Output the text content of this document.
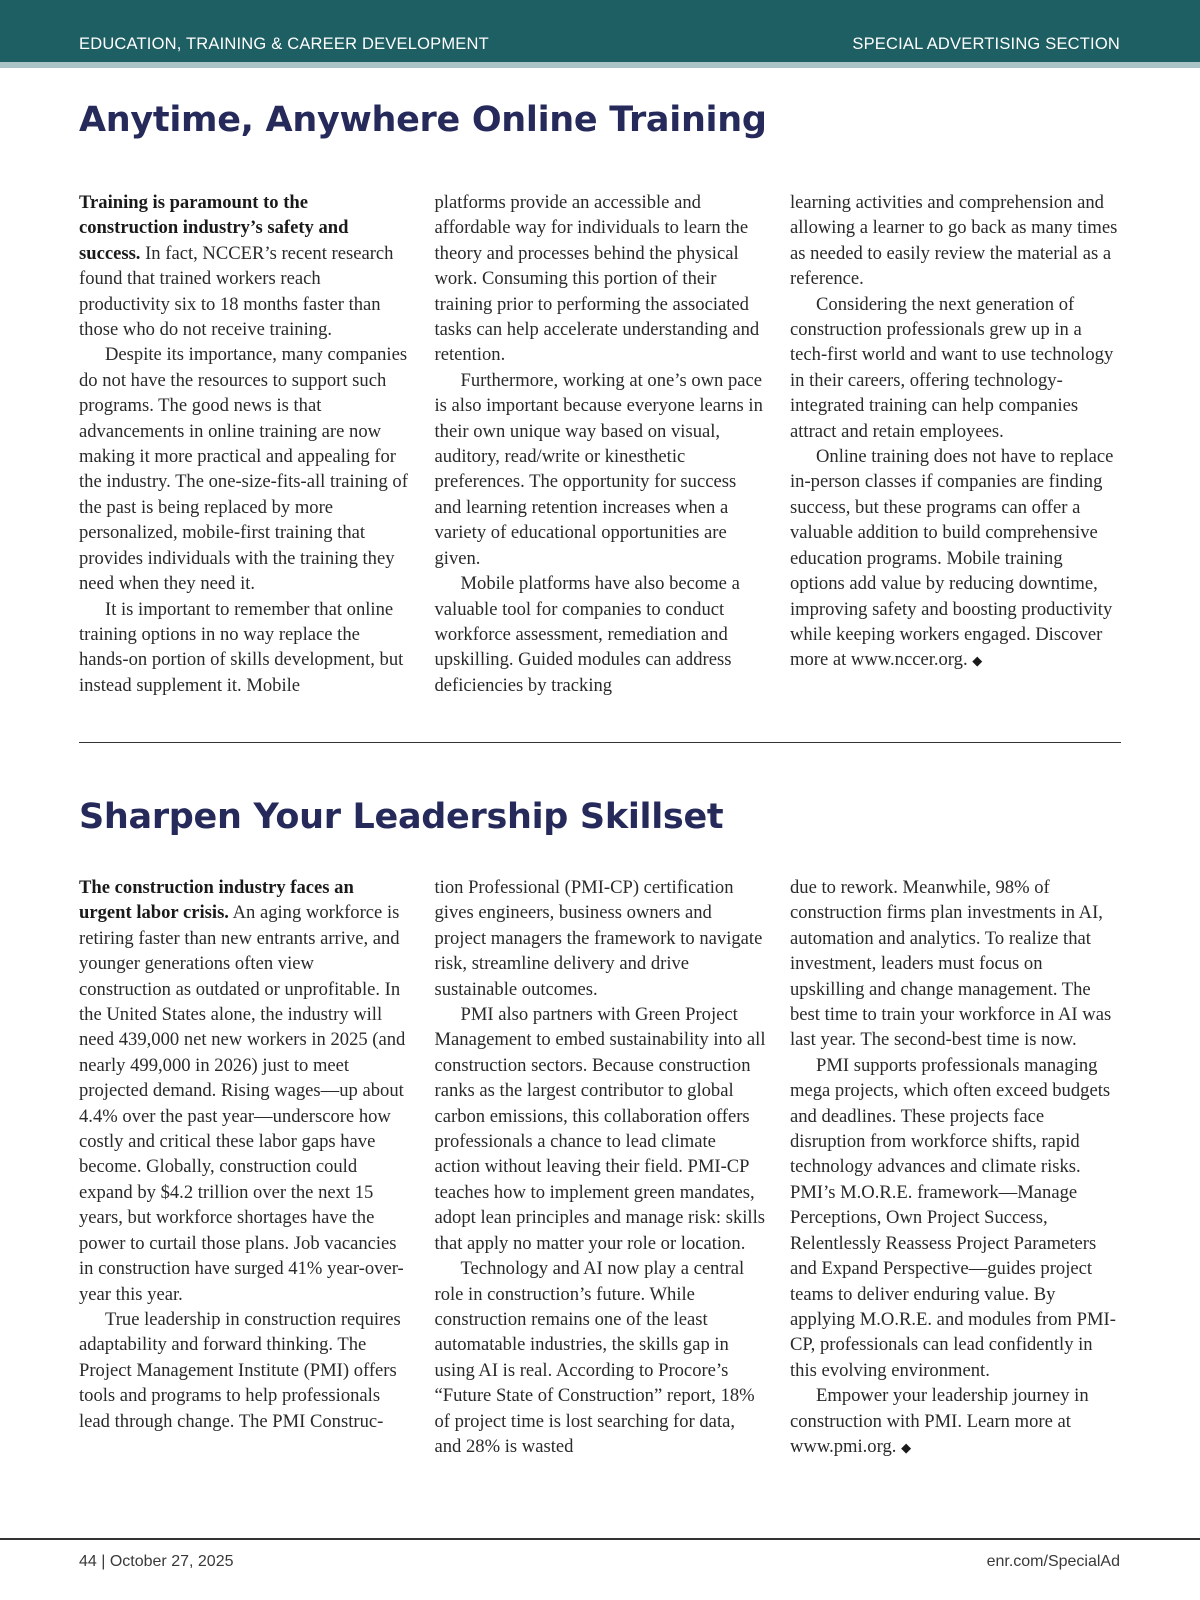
EDUCATION, TRAINING & CAREER DEVELOPMENT	SPECIAL ADVERTISING SECTION
Anytime, Anywhere Online Training

Training is paramount to the construction industry’s safety and success. In fact, NCCER’s recent research found that trained workers reach productivity six to 18 months faster than those who do not receive training.

Despite its importance, many companies do not have the resources to support such programs. The good news is that advancements in online training are now making it more practical and appealing for the industry. The one-size-fits-all training of the past is being replaced by more personalized, mobile-first training that provides individuals with the training they need when they need it.

It is important to remember that online training options in no way replace the hands-on portion of skills development, but instead supplement it. Mobile

platforms provide an accessible and affordable way for individuals to learn the theory and processes behind the physical work. Consuming this portion of their training prior to performing the associated tasks can help accelerate understanding and retention.

Furthermore, working at one’s own pace is also important because everyone learns in their own unique way based on visual, auditory, read/write or kinesthetic preferences. The opportunity for success and learning retention increases when a variety of educational opportunities are given.

Mobile platforms have also become a valuable tool for companies to conduct workforce assessment, remediation and upskilling. Guided modules can address deficiencies by tracking

learning activities and comprehension and allowing a learner to go back as many times as needed to easily review the material as a reference.

Considering the next generation of construction professionals grew up in a tech-first world and want to use technology in their careers, offering technology-integrated training can help companies attract and retain employees.

Online training does not have to replace in-person classes if companies are finding success, but these programs can offer a valuable addition to build comprehensive education programs. Mobile training options add value by reducing downtime, improving safety and boosting productivity while keeping workers engaged. Discover more at www.nccer.org. ◆

Sharpen Your Leadership Skillset

The construction industry faces an urgent labor crisis. An aging workforce is retiring faster than new entrants arrive, and younger generations often view construction as outdated or unprofitable. In the United States alone, the industry will need 439,000 net new workers in 2025 (and nearly 499,000 in 2026) just to meet projected demand. Rising wages—up about 4.4% over the past year—underscore how costly and critical these labor gaps have become. Globally, construction could expand by $4.2 trillion over the next 15 years, but workforce shortages have the power to curtail those plans. Job vacancies in construction have surged 41% year-over-year this year.

True leadership in construction requires adaptability and forward thinking. The Project Management Institute (PMI) offers tools and programs to help professionals lead through change. The PMI Construc-

tion Professional (PMI-CP) certification gives engineers, business owners and project managers the framework to navigate risk, streamline delivery and drive sustainable outcomes.

PMI also partners with Green Project Management to embed sustainability into all construction sectors. Because construction ranks as the largest contributor to global carbon emissions, this collaboration offers professionals a chance to lead climate action without leaving their field. PMI-CP teaches how to implement green mandates, adopt lean principles and manage risk: skills that apply no matter your role or location.

Technology and AI now play a central role in construction’s future. While construction remains one of the least automatable industries, the skills gap in using AI is real. According to Procore’s “Future State of Construction” report, 18% of project time is lost searching for data, and 28% is wasted

due to rework. Meanwhile, 98% of construction firms plan investments in AI, automation and analytics. To realize that investment, leaders must focus on upskilling and change management. The best time to train your workforce in AI was last year. The second-best time is now.

PMI supports professionals managing mega projects, which often exceed budgets and deadlines. These projects face disruption from workforce shifts, rapid technology advances and climate risks. PMI’s M.O.R.E. framework—Manage Perceptions, Own Project Success, Relentlessly Reassess Project Parameters and Expand Perspective—guides project teams to deliver enduring value. By applying M.O.R.E. and modules from PMI-CP, professionals can lead confidently in this evolving environment.

Empower your leadership journey in construction with PMI. Learn more at www.pmi.org. ◆

44 | October 27, 2025	enr.com/SpecialAd
